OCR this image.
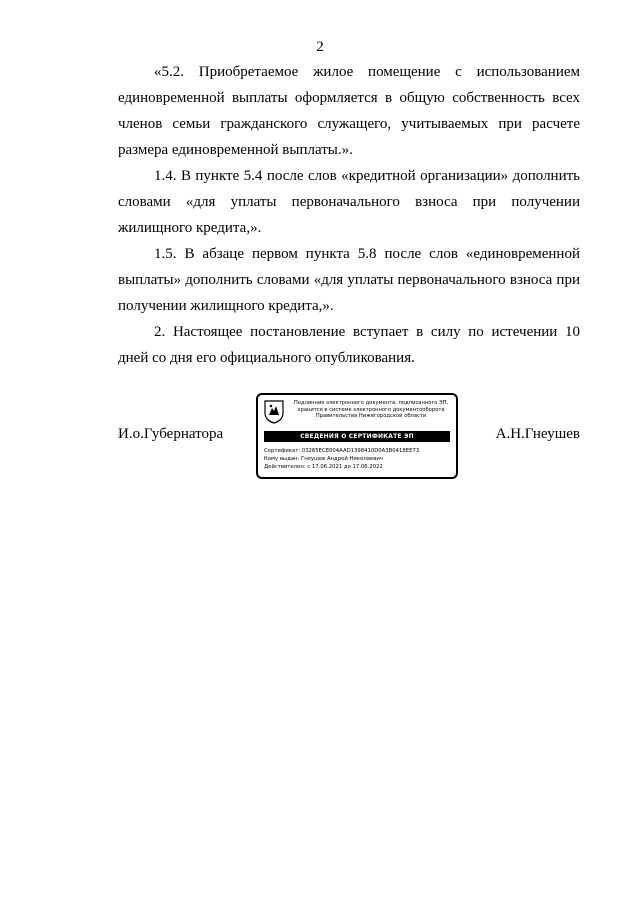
2

«5.2. Приобретаемое жилое помещение с использованием единовременной выплаты оформляется в общую собственность всех членов семьи гражданского служащего, учитываемых при расчете размера единовременной выплаты.».

1.4. В пункте 5.4 после слов «кредитной организации» дополнить словами «для уплаты первоначального взноса при получении жилищного кредита,».

1.5. В абзаце первом пункта 5.8 после слов «единовременной выплаты» дополнить словами «для уплаты первоначального взноса при получении жилищного кредита,».

2. Настоящее постановление вступает в силу по истечении 10 дней со дня его официального опубликования.

И.о.Губернатора
Подлинник электронного документа, подписанного ЭП,
хранится в системе электронного документооборота
Правительства Нижегородской области
СВЕДЕНИЯ О СЕРТИФИКАТЕ ЭП
Сертификат: 03265ECE004AAD1398410D0A3B0418EE73
Кому выдан: Гнеушев Андрей Николаевич
Действителен: с 17.06.2021 до 17.06.2022
А.Н.Гнеушев
